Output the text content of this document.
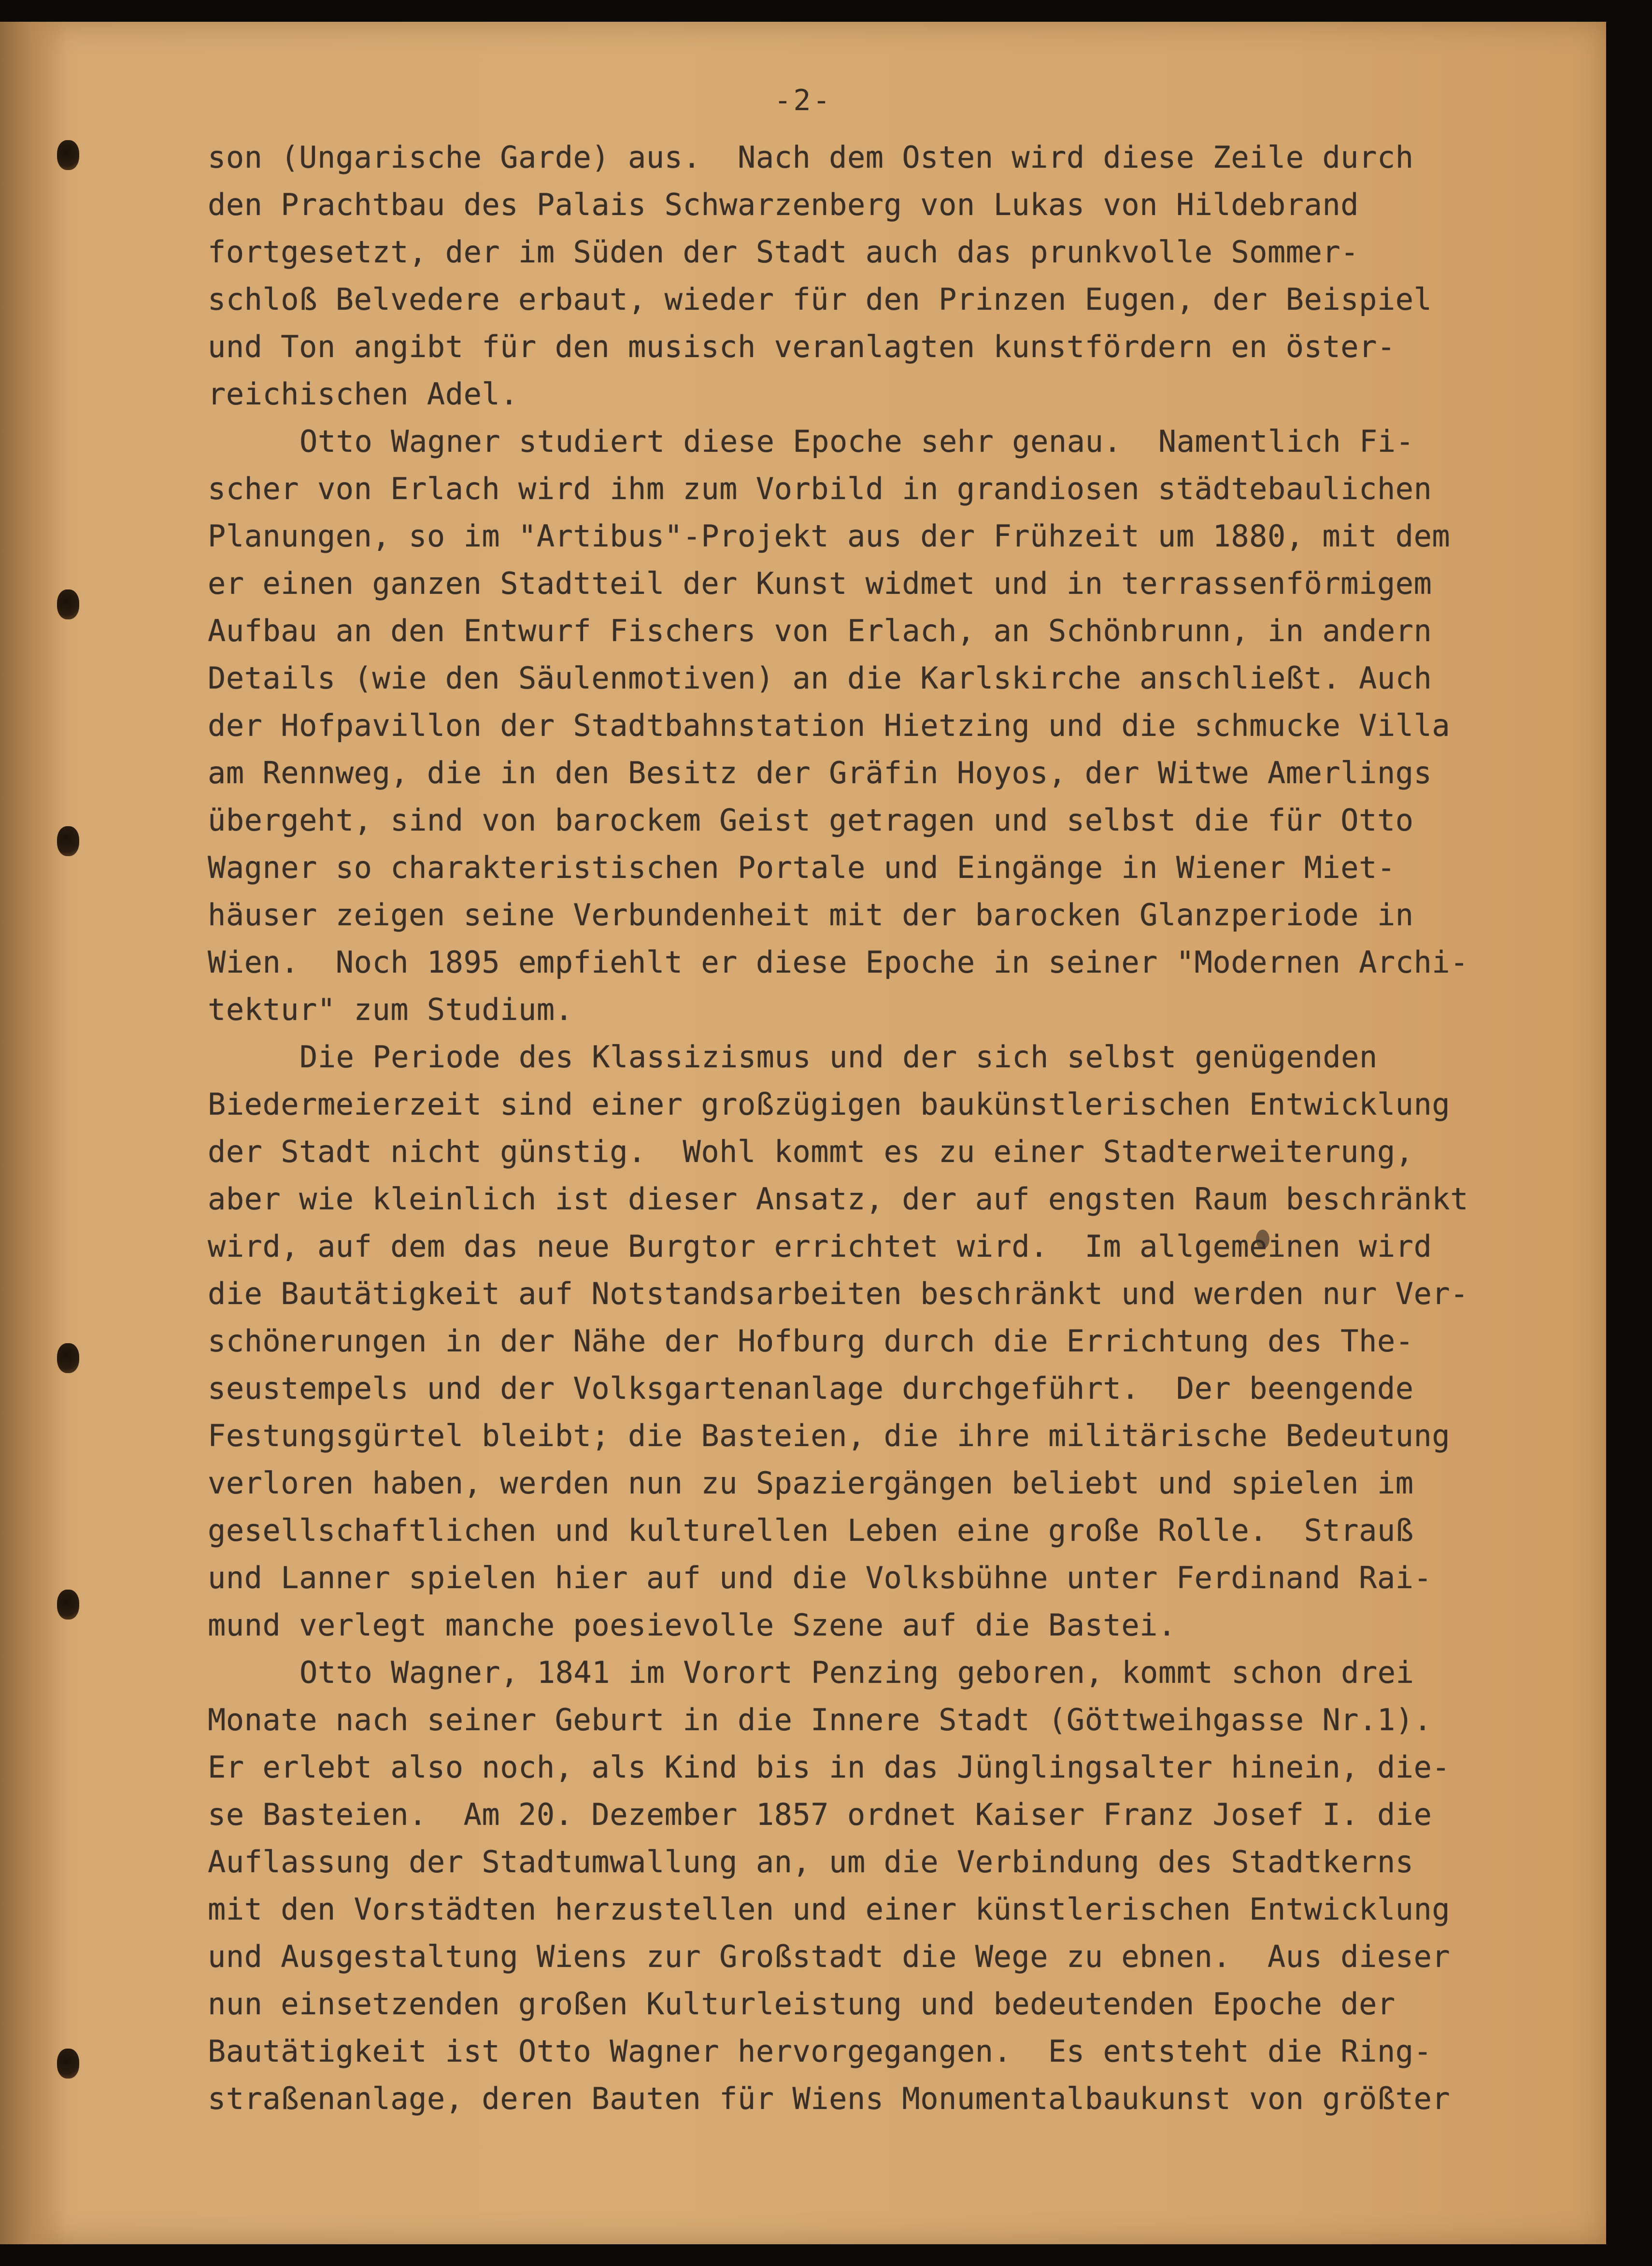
-2-
son (Ungarische Garde) aus.  Nach dem Osten wird diese Zeile durch
den Prachtbau des Palais Schwarzenberg von Lukas von Hildebrand
fortgesetzt, der im Süden der Stadt auch das prunkvolle Sommer-
schloß Belvedere erbaut, wieder für den Prinzen Eugen, der Beispiel
und Ton angibt für den musisch veranlagten kunstfördern en öster-
reichischen Adel.
Otto Wagner studiert diese Epoche sehr genau.  Namentlich Fi-
scher von Erlach wird ihm zum Vorbild in grandiosen städtebaulichen
Planungen, so im "Artibus"-Projekt aus der Frühzeit um 1880, mit dem
er einen ganzen Stadtteil der Kunst widmet und in terrassenförmigem
Aufbau an den Entwurf Fischers von Erlach, an Schönbrunn, in andern
Details (wie den Säulenmotiven) an die Karlskirche anschließt. Auch
der Hofpavillon der Stadtbahnstation Hietzing und die schmucke Villa
am Rennweg, die in den Besitz der Gräfin Hoyos, der Witwe Amerlings
übergeht, sind von barockem Geist getragen und selbst die für Otto
Wagner so charakteristischen Portale und Eingänge in Wiener Miet-
häuser zeigen seine Verbundenheit mit der barocken Glanzperiode in
Wien.  Noch 1895 empfiehlt er diese Epoche in seiner "Modernen Archi-
tektur" zum Studium.
Die Periode des Klassizismus und der sich selbst genügenden
Biedermeierzeit sind einer großzügigen baukünstlerischen Entwicklung
der Stadt nicht günstig.  Wohl kommt es zu einer Stadterweiterung,
aber wie kleinlich ist dieser Ansatz, der auf engsten Raum beschränkt
wird, auf dem das neue Burgtor errichtet wird.  Im allgemeinen wird
die Bautätigkeit auf Notstandsarbeiten beschränkt und werden nur Ver-
schönerungen in der Nähe der Hofburg durch die Errichtung des The-
seustempels und der Volksgartenanlage durchgeführt.  Der beengende
Festungsgürtel bleibt; die Basteien, die ihre militärische Bedeutung
verloren haben, werden nun zu Spaziergängen beliebt und spielen im
gesellschaftlichen und kulturellen Leben eine große Rolle.  Strauß
und Lanner spielen hier auf und die Volksbühne unter Ferdinand Rai-
mund verlegt manche poesievolle Szene auf die Bastei.
Otto Wagner, 1841 im Vorort Penzing geboren, kommt schon drei
Monate nach seiner Geburt in die Innere Stadt (Göttweihgasse Nr.1).
Er erlebt also noch, als Kind bis in das Jünglingsalter hinein, die-
se Basteien.  Am 20. Dezember 1857 ordnet Kaiser Franz Josef I. die
Auflassung der Stadtumwallung an, um die Verbindung des Stadtkerns
mit den Vorstädten herzustellen und einer künstlerischen Entwicklung
und Ausgestaltung Wiens zur Großstadt die Wege zu ebnen.  Aus dieser
nun einsetzenden großen Kulturleistung und bedeutenden Epoche der
Bautätigkeit ist Otto Wagner hervorgegangen.  Es entsteht die Ring-
straßenanlage, deren Bauten für Wiens Monumentalbaukunst von größter
